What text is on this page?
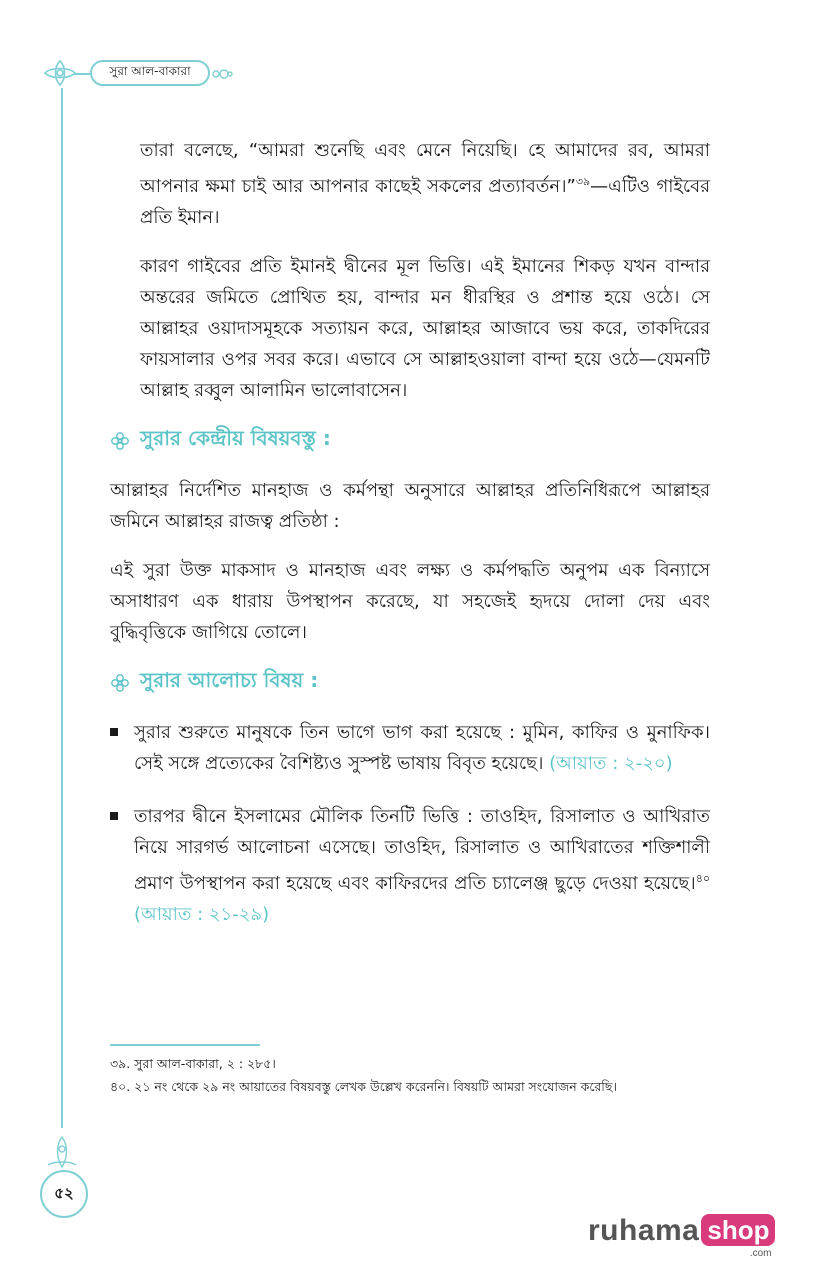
সুরা আল-বাকারা

তারা বলেছে, “আমরা শুনেছি এবং মেনে নিয়েছি। হে আমাদের রব, আমরা আপনার ক্ষমা চাই আর আপনার কাছেই সকলের প্রত্যাবর্তন।”$^{৩৯}$—এটিও গাইবের প্রতি ইমান।

কারণ গাইবের প্রতি ইমানই দ্বীনের মূল ভিত্তি। এই ইমানের শিকড় যখন বান্দার অন্তরের জমিতে প্রোথিত হয়, বান্দার মন ধীরস্থির ও প্রশান্ত হয়ে ওঠে। সে আল্লাহর ওয়াদাসমূহকে সত্যায়ন করে, আল্লাহর আজাবে ভয় করে, তাকদিরের ফায়সালার ওপর সবর করে। এভাবে সে আল্লাহওয়ালা বান্দা হয়ে ওঠে—যেমনটি আল্লাহ রব্বুল আলামিন ভালোবাসেন।

সুরার কেন্দ্রীয় বিষয়বস্তু :

আল্লাহর নির্দেশিত মানহাজ ও কর্মপন্থা অনুসারে আল্লাহর প্রতিনিধিরূপে আল্লাহর জমিনে আল্লাহর রাজত্ব প্রতিষ্ঠা :

এই সুরা উক্ত মাকসাদ ও মানহাজ এবং লক্ষ্য ও কর্মপদ্ধতি অনুপম এক বিন্যাসে অসাধারণ এক ধারায় উপস্থাপন করেছে, যা সহজেই হৃদয়ে দোলা দেয় এবং বুদ্ধিবৃত্তিকে জাগিয়ে তোলে।

সুরার আলোচ্য বিষয় :

সুরার শুরুতে মানুষকে তিন ভাগে ভাগ করা হয়েছে : মুমিন, কাফির ও মুনাফিক। সেই সঙ্গে প্রত্যেকের বৈশিষ্ট্যও সুস্পষ্ট ভাষায় বিবৃত হয়েছে। (আয়াত : ২-২০)

তারপর দ্বীনে ইসলামের মৌলিক তিনটি ভিত্তি : তাওহিদ, রিসালাত ও আখিরাত নিয়ে সারগর্ভ আলোচনা এসেছে। তাওহিদ, রিসালাত ও আখিরাতের শক্তিশালী প্রমাণ উপস্থাপন করা হয়েছে এবং কাফিরদের প্রতি চ্যালেঞ্জ ছুড়ে দেওয়া হয়েছে।$^{৪০}$ (আয়াত : ২১-২৯)

৩৯. সুরা আল-বাকারা, ২ : ২৮৫।
৪০. ২১ নং থেকে ২৯ নং আয়াতের বিষয়বস্তু লেখক উল্লেখ করেননি। বিষয়টি আমরা সংযোজন করেছি।
৫২
ruhama shop
.com
